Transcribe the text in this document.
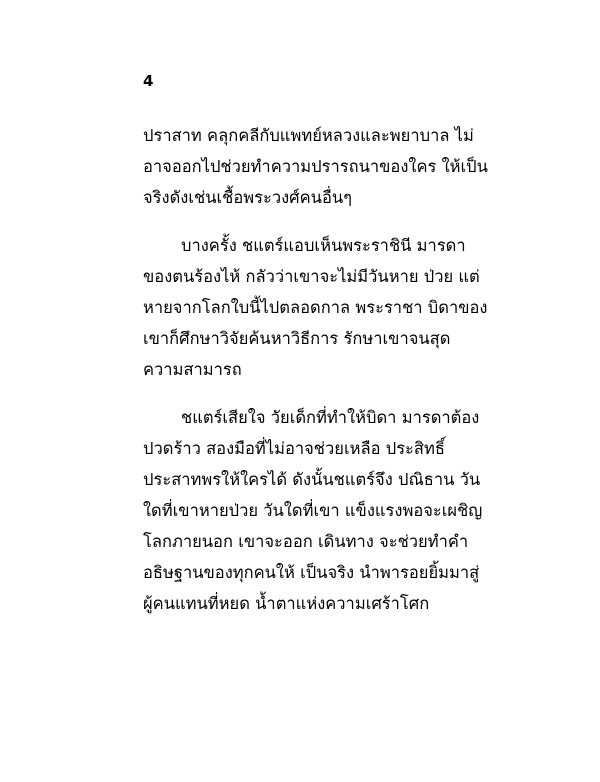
4

ปราสาท คลุกคลีกับแพทย์หลวงและพยาบาล ไม่อาจออกไปช่วยทำความปรารถนาของใคร ให้เป็นจริงดังเช่นเชื้อพระวงศ์คนอื่นๆ

บางครั้ง ชแตร์แอบเห็นพระราชินี มารดาของตนร้องไห้ กลัวว่าเขาจะไม่มีวันหาย ป่วย แต่หายจากโลกใบนี้ไปตลอดกาล พระราชา บิดาของเขาก็ศึกษาวิจัยค้นหาวิธีการ รักษาเขาจนสุดความสามารถ

ชแตร์เสียใจ วัยเด็กที่ทำให้บิดา มารดาต้องปวดร้าว สองมือที่ไม่อาจช่วยเหลือ ประสิทธิ์ประสาทพรให้ใครได้ ดังนั้นชแตร์จึง ปณิธาน วันใดที่เขาหายป่วย วันใดที่เขา แข็งแรงพอจะเผชิญโลกภายนอก เขาจะออก เดินทาง จะช่วยทำคำอธิษฐานของทุกคนให้ เป็นจริง นำพารอยยิ้มมาสู่ผู้คนแทนที่หยด น้ำตาแห่งความเศร้าโศก
